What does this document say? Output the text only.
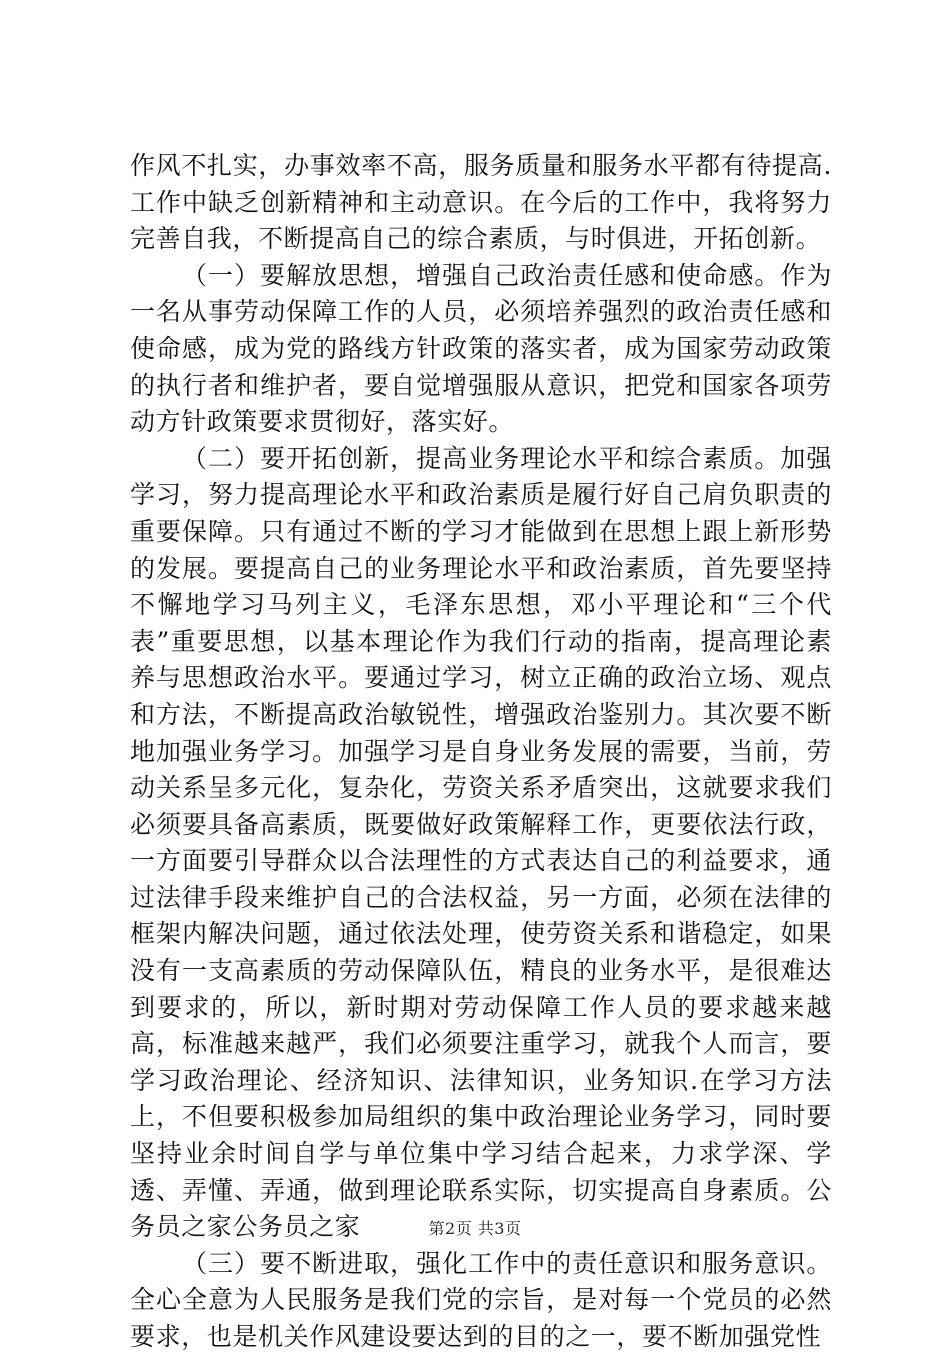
作风不扎实，办事效率不高，服务质量和服务水平都有待提高.工作中缺乏创新精神和主动意识。在今后的工作中，我将努力完善自我，不断提高自己的综合素质，与时俱进，开拓创新。

（一）要解放思想，增强自己政治责任感和使命感。作为一名从事劳动保障工作的人员，必须培养强烈的政治责任感和使命感，成为党的路线方针政策的落实者，成为国家劳动政策的执行者和维护者，要自觉增强服从意识，把党和国家各项劳动方针政策要求贯彻好，落实好。

（二）要开拓创新，提高业务理论水平和综合素质。加强学习，努力提高理论水平和政治素质是履行好自己肩负职责的重要保障。只有通过不断的学习才能做到在思想上跟上新形势的发展。要提高自己的业务理论水平和政治素质，首先要坚持不懈地学习马列主义，毛泽东思想，邓小平理论和“三个代表”重要思想，以基本理论作为我们行动的指南，提高理论素养与思想政治水平。要通过学习，树立正确的政治立场、观点和方法，不断提高政治敏锐性，增强政治鉴别力。其次要不断地加强业务学习。加强学习是自身业务发展的需要，当前，劳动关系呈多元化，复杂化，劳资关系矛盾突出，这就要求我们必须要具备高素质，既要做好政策解释工作，更要依法行政，一方面要引导群众以合法理性的方式表达自己的利益要求，通过法律手段来维护自己的合法权益，另一方面，必须在法律的框架内解决问题，通过依法处理，使劳资关系和谐稳定，如果没有一支高素质的劳动保障队伍，精良的业务水平，是很难达到要求的，所以，新时期对劳动保障工作人员的要求越来越高，标准越来越严，我们必须要注重学习，就我个人而言，要学习政治理论、经济知识、法律知识，业务知识.在学习方法上，不但要积极参加局组织的集中政治理论业务学习，同时要坚持业余时间自学与单位集中学习结合起来，力求学深、学透、弄懂、弄通，做到理论联系实际，切实提高自身素质。公务员之家公务员之家

（三）要不断进取，强化工作中的责任意识和服务意识。全心全意为人民服务是我们党的宗旨，是对每一个党员的必然要求，也是机关作风建设要达到的目的之一，要不断加强党性

第2页 共3页
